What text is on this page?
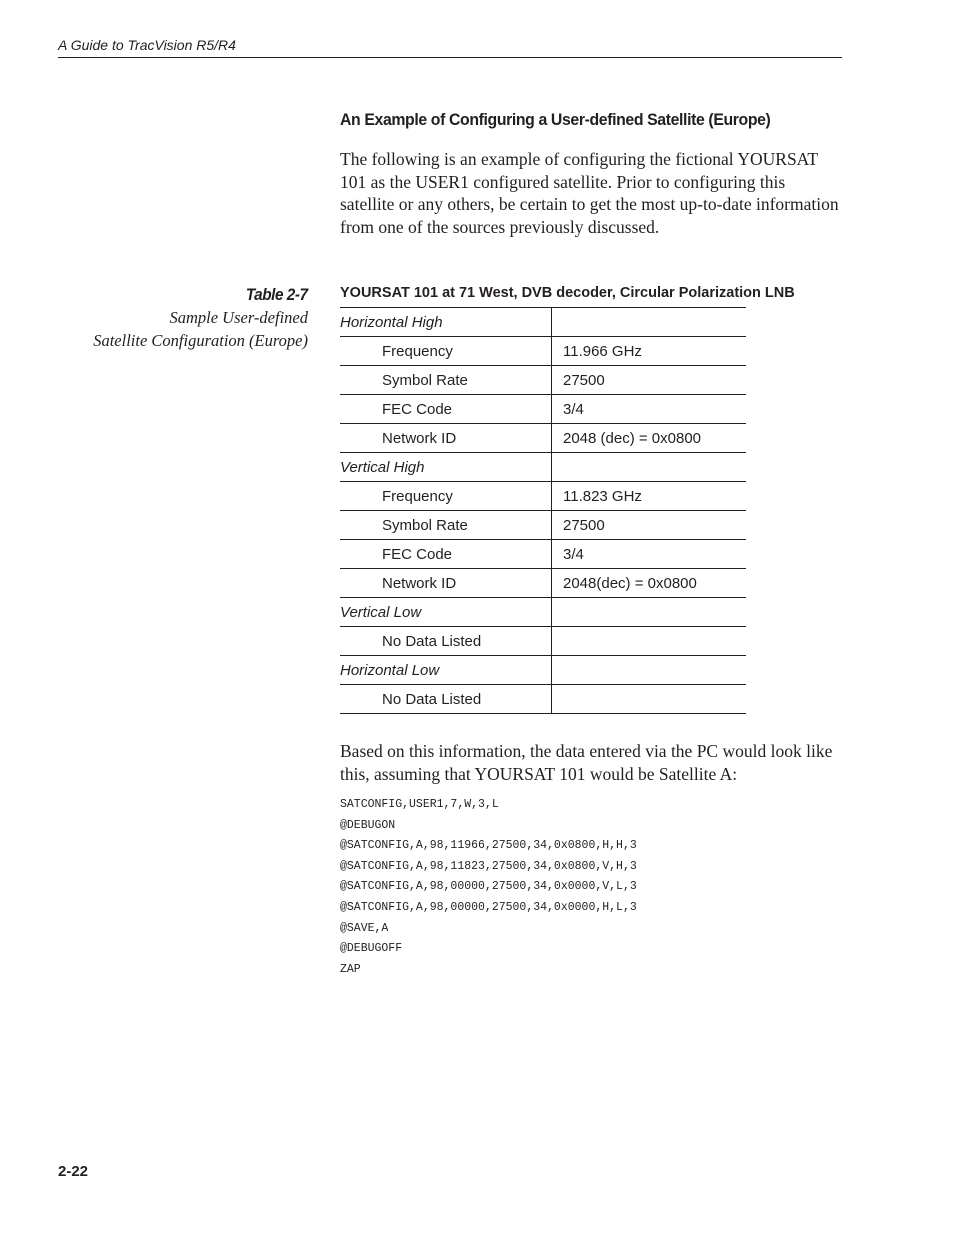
A Guide to TracVision R5/R4
An Example of Configuring a User-defined Satellite (Europe)

The following is an example of configuring the fictional YOURSAT 101 as the USER1 configured satellite. Prior to configuring this satellite or any others, be certain to get the most up-to-date information from one of the sources previously discussed.

Table 2-7
Sample User-defined
Satellite Configuration (Europe)
YOURSAT 101 at 71 West, DVB decoder, Circular Polarization LNB
Horizontal High	
Frequency	11.966 GHz
Symbol Rate	27500
FEC Code	3/4
Network ID	2048 (dec) = 0x0800
Vertical High	
Frequency	11.823 GHz
Symbol Rate	27500
FEC Code	3/4
Network ID	2048(dec) = 0x0800
Vertical Low	
No Data Listed	
Horizontal Low	
No Data Listed	

Based on this information, the data entered via the PC would look like this, assuming that YOURSAT 101 would be Satellite A:

SATCONFIG,USER1,7,W,3,L
@DEBUGON
@SATCONFIG,A,98,11966,27500,34,0x0800,H,H,3
@SATCONFIG,A,98,11823,27500,34,0x0800,V,H,3
@SATCONFIG,A,98,00000,27500,34,0x0000,V,L,3
@SATCONFIG,A,98,00000,27500,34,0x0000,H,L,3
@SAVE,A
@DEBUGOFF
ZAP
2-22
